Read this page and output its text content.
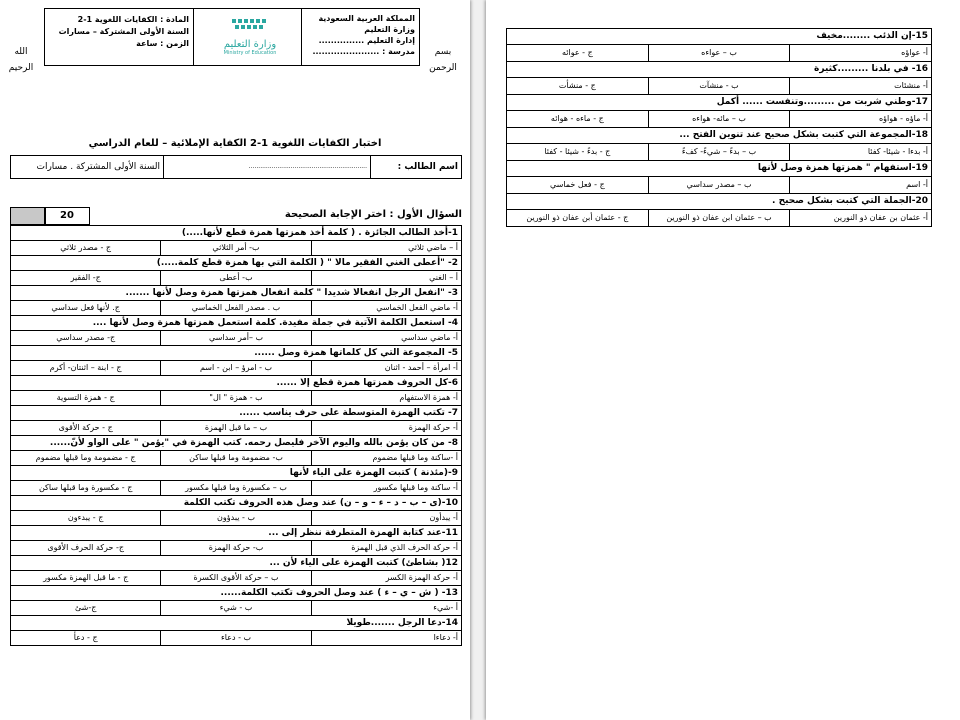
بسم الرحمن
الله الرحيم
المملكة العربية السعودية
وزارة التعليم
إدارة التعليم ...............
مدرسة : ......................
وزارة التعليم
Ministry of Education
المادة : الكفايات اللغوية 1-2
السنة الأولى المشتركة – مسارات
الزمن : ساعة
اختبار الكفايات اللغوية 1-2 الكفاية الإملائية – للعام الدراسي
اسم الطالب :	..............................................................	السنة الأولى المشتركة . مسارات
السؤال الأول : اختر الإجابة الصحيحة
20
1-أخذ الطالب الجائزة . ( كلمة أخذ همزتها همزة قطع لأنها.....)		
أ – ماضي ثلاثي	ب- أمر الثلاثي	ج - مصدر ثلاثي
2- "أعطى الغني الفقير مالا " ( الكلمة التي بها همزة قطع كلمة.....)		
أ – الغني	ب- أعطى	ج- الفقير
3- "انفعل الرجل انفعالا شديدا " كلمة انفعال همزتها همزة وصل لأنها .......		
أ- ماضي الفعل الخماسي	ب . مصدر الفعل الخماسي	ج. لأنها فعل سداسي
4- استعمل الكلمة الآتية في جملة مفيدة. كلمة استعمل همزتها همزة وصل لأنها ....		
أ- ماضي سداسي	ب –أمر سداسي	ج- مصدر سداسي
5- المجموعة التي كل كلماتها همزة وصل ......		
أ- امرأة – أحمد - اثنان	ب - امرؤ – ابن - اسم	ج - ابنة – اثنتان- أكرم
6-كل الحروف همزتها همزة قطع إلا ......		
أ- همزة الاستفهام	ب - همزة " ال"	ج - همزة التسوية
7- تكتب الهمزة المتوسطة على حرف يناسب ......		
أ- حركة الهمزة	ب – ما قبل الهمزة	ج - حركة الأقوى
8- من كان يؤمن بالله واليوم الآخر فليصل رحمه. كتب الهمزة في "يؤمن " على الواو لأنّ......		
أ -ساكنة وما قبلها مضموم	ب- مضمومة وما قبلها ساكن	ج - مضمومة وما قبلها مضموم
9-(مئذنة ) كتبت الهمزة على الياء لأنها		
أ- ساكنة وما قبلها مكسور	ب – مكسورة وما قبلها مكسور	ج - مكسورة وما قبلها ساكن
10-(ى – ب – د – ء – و – ن) عند وصل هذه الحروف تكتب الكلمة		
أ- يبدأون	ب - يبدؤون	ج - يبدءون
11-عند كتابة الهمزة المتطرفة ننظر إلى ...		
أ- حركة الحرف الذي قبل الهمزة	ب- حركة الهمزة	ج- حركة الحرف الأقوى
12( بشاطئ) كتبت الهمزة على الياء لأن ...		
أ- حركة الهمزة الكسر	ب – حركة الأقوى الكسرة	ج - ما قبل الهمزة مكسور
13- ( ش – ي – ء ) عند وصل الحروف تكتب الكلمة......		
أ -شيء	ب - شيء	ج-شئ
14-دعا الرجل .......طويلا		
أ- دعاءا	ب - دعاء	ج - دعأ
15-إن الذئب ........مخيف		
أ- عواؤه	ب – عواءه	ج - عوائه
16- في بلدنا .........كثيرة		
أ- منشئات	ب - منشآت	ج - منشأت
17-وطني شربت من .........وتنفست ...... أكمل		
أ- ماؤه - هواؤه	ب – مائه- هواءه	ج - ماءه - هوائه
18-المجموعة التي كتبت بشكل صحيح عند تنوين الفتح ...		
أ- بدءا - شيئا- كفئا	ب – بدءً – شيءً- كفءً	ج - بدءً - شيئا - كفئا
19-استفهام " همزتها همزة وصل لأنها		
أ- اسم	ب – مصدر سداسي	ج - فعل خماسي
20-الجملة التي كتبت بشكل صحيح .		
أ- عثمان بن عفان ذو النورين	ب – عثمان ابن عفان ذو النورين	ج - عثمان أبن عفان ذو النورين
